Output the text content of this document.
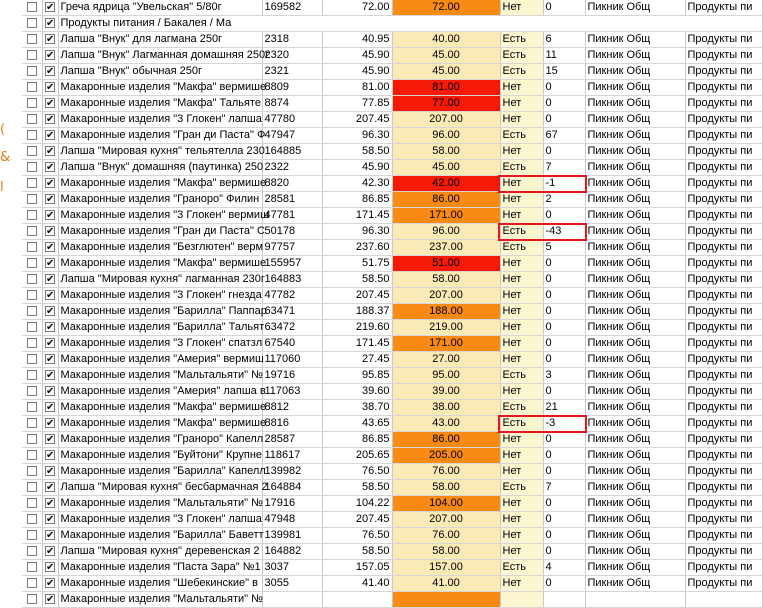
(
&
l
	✔	Греча ядрица "Увельская" 5/80г	169582	72.00	72.00	Нет	0	Пикник Общ	Продукты пи
	✔	Продукты питания / Бакалея / Ма							
	✔	Лапша "Внук" для лагмана 250г	2318	40.95	40.00	Есть	6	Пикник Общ	Продукты пи
	✔	Лапша "Внук" Лагманная домашняя 250г	2320	45.90	45.00	Есть	11	Пикник Общ	Продукты пи
	✔	Лапша "Внук" обычная 250г	2321	45.90	45.00	Есть	15	Пикник Общ	Продукты пи
	✔	Макаронные изделия "Макфа" вермише	8809	81.00	81.00	Нет	0	Пикник Общ	Продукты пи
	✔	Макаронные изделия "Макфа" Тальяте	8874	77.85	77.00	Нет	0	Пикник Общ	Продукты пи
	✔	Макаронные изделия "3 Глокен" лапша	47780	207.45	207.00	Нет	0	Пикник Общ	Продукты пи
	✔	Макаронные изделия "Гран ди Паста" Ф	47947	96.30	96.00	Есть	67	Пикник Общ	Продукты пи
	✔	Лапша "Мировая кухня" тельятелла 230	164885	58.50	58.00	Нет	0	Пикник Общ	Продукты пи
	✔	Лапша "Внук" домашняя (паутинка) 250	2322	45.90	45.00	Есть	7	Пикник Общ	Продукты пи
	✔	Макаронные изделия "Макфа" вермише	8820	42.30	42.00	Нет	-1	Пикник Общ	Продукты пи
	✔	Макаронные изделия "Гранoро" Филин	28581	86.85	86.00	Нет	2	Пикник Общ	Продукты пи
	✔	Макаронные изделия "3 Глокен" вермиш	47781	171.45	171.00	Нет	0	Пикник Общ	Продукты пи
	✔	Макаронные изделия "Гран ди Паста" С	50178	96.30	96.00	Есть	-43	Пикник Общ	Продукты пи
	✔	Макаронные изделия "Безглютен" верм	97757	237.60	237.00	Есть	5	Пикник Общ	Продукты пи
	✔	Макаронные изделия "Макфа" вермише	155957	51.75	51.00	Нет	0	Пикник Общ	Продукты пи
	✔	Лапша "Мировая кухня" лагманная 230г	164883	58.50	58.00	Нет	0	Пикник Общ	Продукты пи
	✔	Макаронные изделия "3 Глокен" гнезда	47782	207.45	207.00	Нет	0	Пикник Общ	Продукты пи
	✔	Макаронные изделия "Барилла" Паппар	63471	188.37	188.00	Нет	0	Пикник Общ	Продукты пи
	✔	Макаронные изделия "Барилла" Тальят	63472	219.60	219.00	Нет	0	Пикник Общ	Продукты пи
	✔	Макаронные изделия "3 Глокен" спатзл	67540	171.45	171.00	Нет	0	Пикник Общ	Продукты пи
	✔	Макаронные изделия "Америя" вермиш	117060	27.45	27.00	Нет	0	Пикник Общ	Продукты пи
	✔	Макаронные изделия "Мальтальяти" №	19716	95.85	95.00	Есть	3	Пикник Общ	Продукты пи
	✔	Макаронные изделия "Америя" лапша в	117063	39.60	39.00	Нет	0	Пикник Общ	Продукты пи
	✔	Макаронные изделия "Макфа" вермише	8812	38.70	38.00	Есть	21	Пикник Общ	Продукты пи
	✔	Макаронные изделия "Макфа" вермише	8816	43.65	43.00	Есть	-3	Пикник Общ	Продукты пи
	✔	Макаронные изделия "Гранoро" Капелл	28587	86.85	86.00	Нет	0	Пикник Общ	Продукты пи
	✔	Макаронные изделия "Буйтони" Крупне	118617	205.65	205.00	Нет	0	Пикник Общ	Продукты пи
	✔	Макаронные изделия "Барилла" Капелл	139982	76.50	76.00	Нет	0	Пикник Общ	Продукты пи
	✔	Лапша "Мировая кухня" бесбармачная 2	164884	58.50	58.00	Есть	7	Пикник Общ	Продукты пи
	✔	Макаронные изделия "Мальтальяти" №	17916	104.22	104.00	Нет	0	Пикник Общ	Продукты пи
	✔	Макаронные изделия "3 Глокен" лапша	47948	207.45	207.00	Нет	0	Пикник Общ	Продукты пи
	✔	Макаронные изделия "Барилла" Баветт	139981	76.50	76.00	Нет	0	Пикник Общ	Продукты пи
	✔	Лапша "Мировая кухня" деревенская 2	164882	58.50	58.00	Нет	0	Пикник Общ	Продукты пи
	✔	Макаронные изделия "Паста Зара" №1	3037	157.05	157.00	Есть	4	Пикник Общ	Продукты пи
	✔	Макаронные изделия "Шебекинские" в	3055	41.40	41.00	Нет	0	Пикник Общ	Продукты пи
	✔	Макаронные изделия "Мальтальяти" №							
